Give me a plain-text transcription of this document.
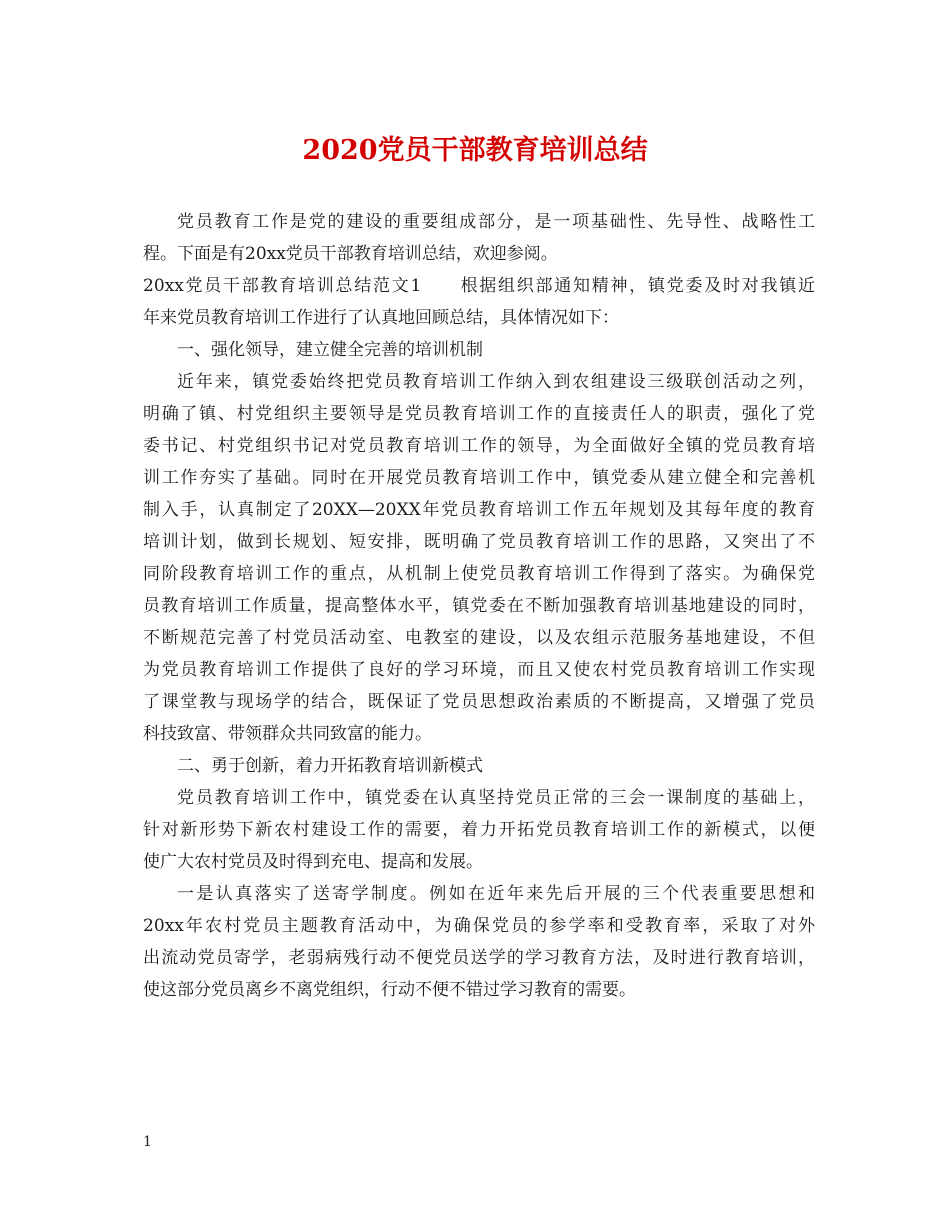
2020党员干部教育培训总结
党员教育工作是党的建设的重要组成部分，是一项基础性、先导性、战略性工
程。下面是有20xx党员干部教育培训总结，欢迎参阅。
20xx党员干部教育培训总结范文1　　根据组织部通知精神，镇党委及时对我镇近
年来党员教育培训工作进行了认真地回顾总结，具体情况如下：
一、强化领导，建立健全完善的培训机制
近年来，镇党委始终把党员教育培训工作纳入到农组建设三级联创活动之列，
明确了镇、村党组织主要领导是党员教育培训工作的直接责任人的职责，强化了党
委书记、村党组织书记对党员教育培训工作的领导，为全面做好全镇的党员教育培
训工作夯实了基础。同时在开展党员教育培训工作中，镇党委从建立健全和完善机
制入手，认真制定了20XX—20XX年党员教育培训工作五年规划及其每年度的教育
培训计划，做到长规划、短安排，既明确了党员教育培训工作的思路，又突出了不
同阶段教育培训工作的重点，从机制上使党员教育培训工作得到了落实。为确保党
员教育培训工作质量，提高整体水平，镇党委在不断加强教育培训基地建设的同时，
不断规范完善了村党员活动室、电教室的建设，以及农组示范服务基地建设，不但
为党员教育培训工作提供了良好的学习环境，而且又使农村党员教育培训工作实现
了课堂教与现场学的结合，既保证了党员思想政治素质的不断提高，又增强了党员
科技致富、带领群众共同致富的能力。
二、勇于创新，着力开拓教育培训新模式
党员教育培训工作中，镇党委在认真坚持党员正常的三会一课制度的基础上，
针对新形势下新农村建设工作的需要，着力开拓党员教育培训工作的新模式，以便
使广大农村党员及时得到充电、提高和发展。
一是认真落实了送寄学制度。例如在近年来先后开展的三个代表重要思想和
20xx年农村党员主题教育活动中，为确保党员的参学率和受教育率，采取了对外
出流动党员寄学，老弱病残行动不便党员送学的学习教育方法，及时进行教育培训，
使这部分党员离乡不离党组织，行动不便不错过学习教育的需要。
1
